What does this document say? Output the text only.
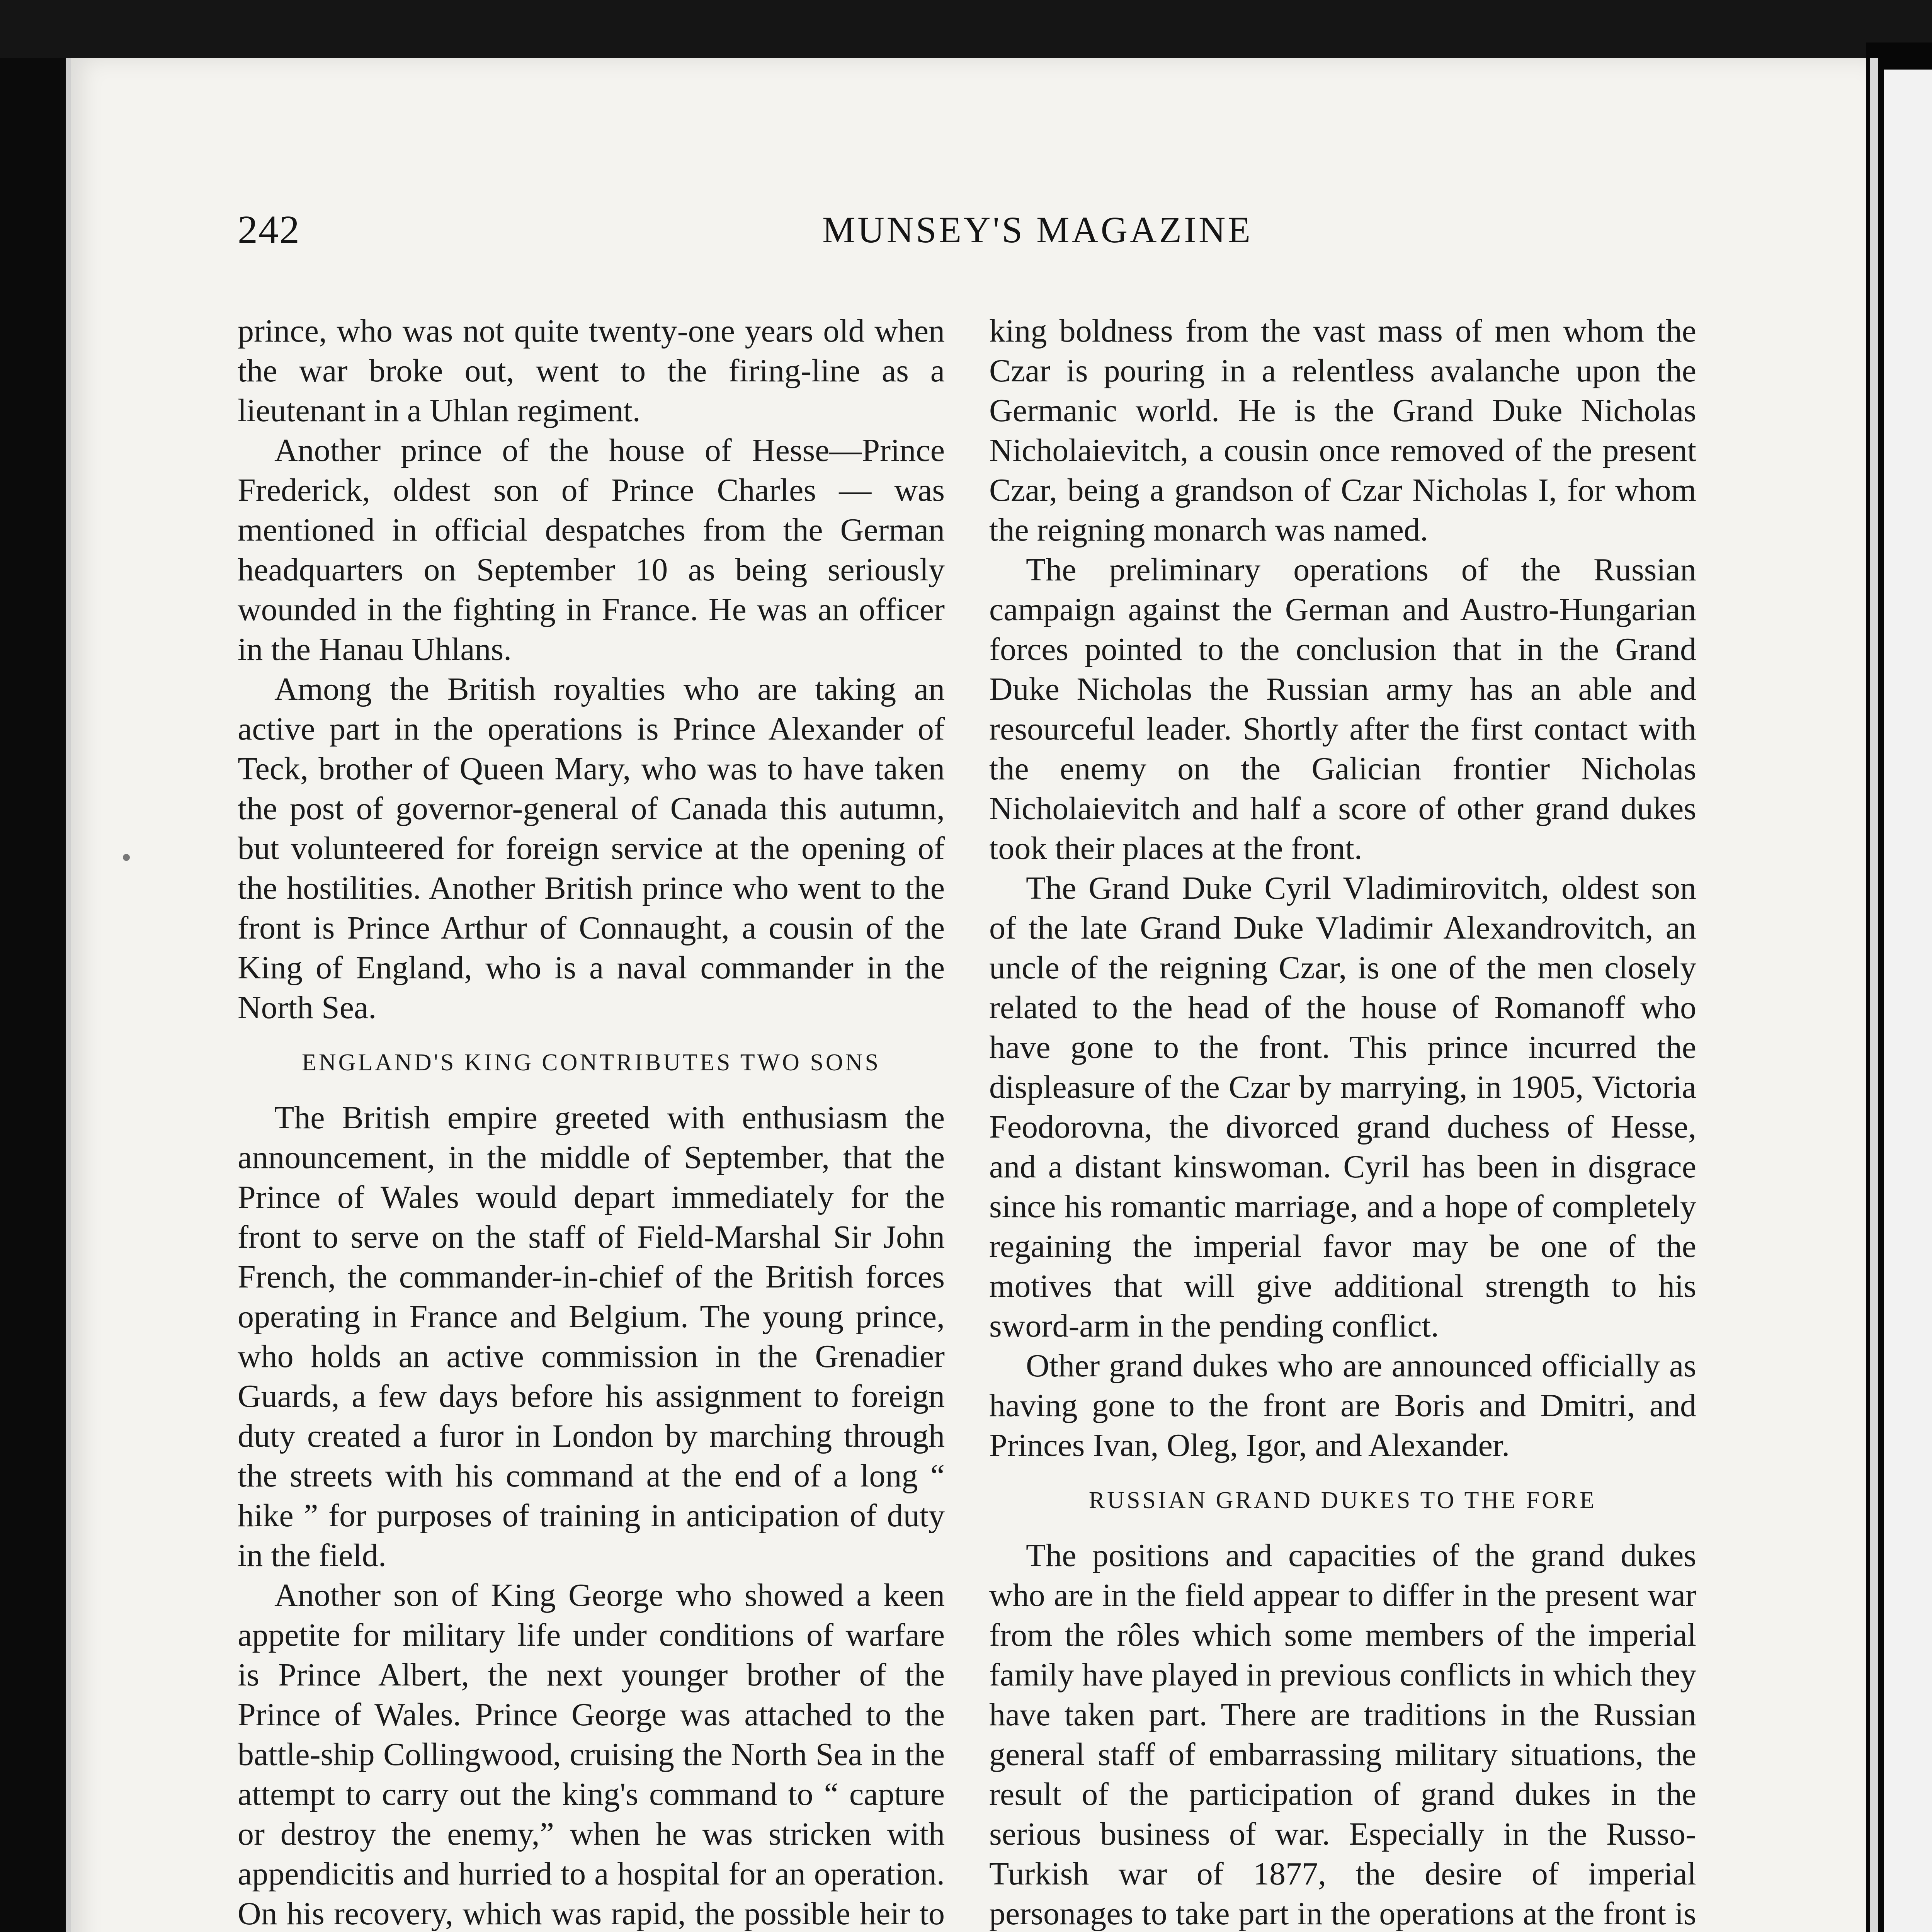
242	MUNSEY'S MAGAZINE

prince, who was not quite twenty-one years old when the war broke out, went to the firing-line as a lieutenant in a Uhlan regiment.

Another prince of the house of Hesse—Prince Frederick, oldest son of Prince Charles — was mentioned in official despatches from the German headquarters on September 10 as being seriously wounded in the fighting in France. He was an officer in the Hanau Uhlans.

Among the British royalties who are taking an active part in the operations is Prince Alexander of Teck, brother of Queen Mary, who was to have taken the post of governor-general of Canada this autumn, but volunteered for foreign service at the opening of the hostilities. Another British prince who went to the front is Prince Arthur of Connaught, a cousin of the King of England, who is a naval commander in the North Sea.

ENGLAND'S KING CONTRIBUTES TWO SONS

The British empire greeted with enthusiasm the announcement, in the middle of September, that the Prince of Wales would depart immediately for the front to serve on the staff of Field-Marshal Sir John French, the commander-in-chief of the British forces operating in France and Belgium. The young prince, who holds an active commission in the Grenadier Guards, a few days before his assignment to foreign duty created a furor in London by marching through the streets with his command at the end of a long “ hike ” for purposes of training in anticipation of duty in the field.

Another son of King George who showed a keen appetite for military life under conditions of warfare is Prince Albert, the next younger brother of the Prince of Wales. Prince George was attached to the battle-ship Collingwood, cruising the North Sea in the attempt to carry out the king's command to “ capture or destroy the enemy,” when he was stricken with appendicitis and hurried to a hospital for an operation. On his recovery, which was rapid, the possible heir to

king boldness from the vast mass of men whom the Czar is pouring in a relentless avalanche upon the Germanic world. He is the Grand Duke Nicholas Nicholaievitch, a cousin once removed of the present Czar, being a grandson of Czar Nicholas I, for whom the reigning monarch was named.

The preliminary operations of the Russian campaign against the German and Austro-Hungarian forces pointed to the conclusion that in the Grand Duke Nicholas the Russian army has an able and resourceful leader. Shortly after the first contact with the enemy on the Galician frontier Nicholas Nicholaievitch and half a score of other grand dukes took their places at the front.

The Grand Duke Cyril Vladimirovitch, oldest son of the late Grand Duke Vladimir Alexandrovitch, an uncle of the reigning Czar, is one of the men closely related to the head of the house of Romanoff who have gone to the front. This prince incurred the displeasure of the Czar by marrying, in 1905, Victoria Feodorovna, the divorced grand duchess of Hesse, and a distant kinswoman. Cyril has been in disgrace since his romantic marriage, and a hope of completely regaining the imperial favor may be one of the motives that will give additional strength to his sword-arm in the pending conflict.

Other grand dukes who are announced officially as having gone to the front are Boris and Dmitri, and Princes Ivan, Oleg, Igor, and Alexander.

RUSSIAN GRAND DUKES TO THE FORE

The positions and capacities of the grand dukes who are in the field appear to differ in the present war from the rôles which some members of the imperial family have played in previous conflicts in which they have taken part. There are traditions in the Russian general staff of embarrassing military situations, the result of the participation of grand dukes in the serious business of war. Especially in the Russo-Turkish war of 1877, the desire of imperial personages to take part in the operations at the front is
